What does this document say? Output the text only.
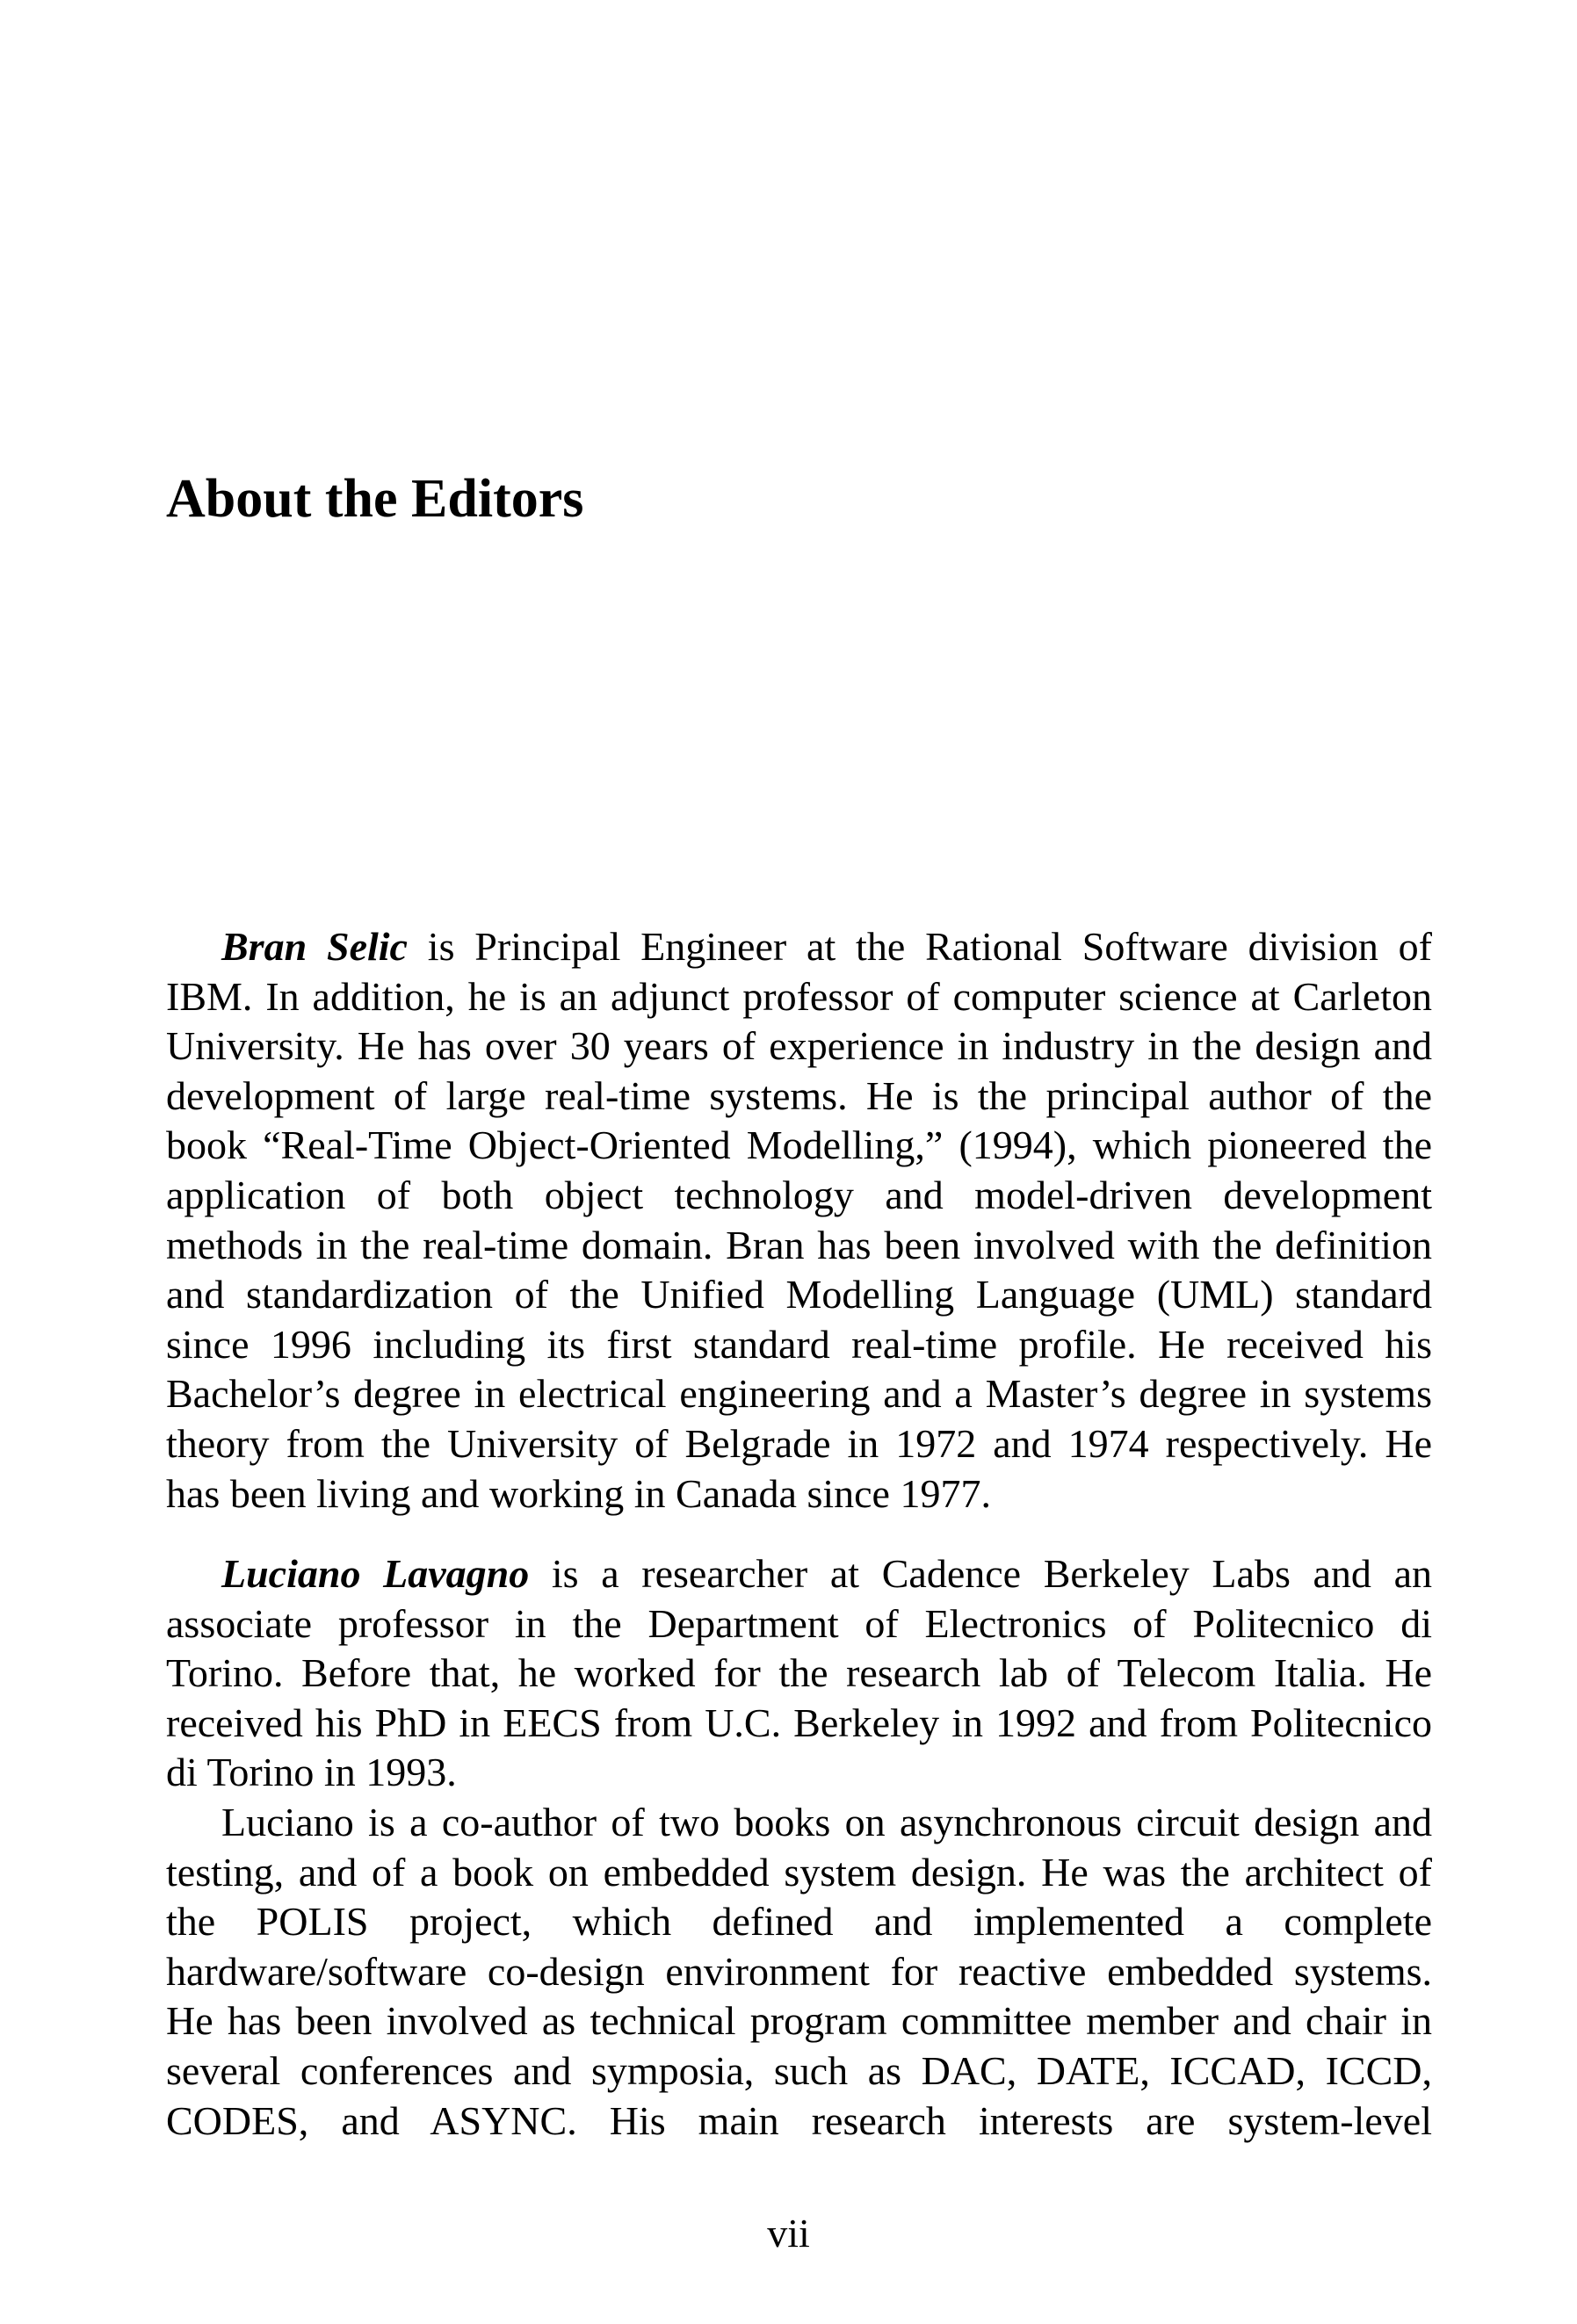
About the Editors
Bran Selic is Principal Engineer at the Rational Software division of
IBM. In addition, he is an adjunct professor of computer science at Carleton
University. He has over 30 years of experience in industry in the design and
development of large real-time systems. He is the principal author of the
book “Real-Time Object-Oriented Modelling,” (1994), which pioneered the
application of both object technology and model-driven development
methods in the real-time domain. Bran has been involved with the definition
and standardization of the Unified Modelling Language (UML) standard
since 1996 including its first standard real-time profile. He received his
Bachelor’s degree in electrical engineering and a Master’s degree in systems
theory from the University of Belgrade in 1972 and 1974 respectively. He
has been living and working in Canada since 1977.
Luciano Lavagno is a researcher at Cadence Berkeley Labs and an
associate professor in the Department of Electronics of Politecnico di
Torino. Before that, he worked for the research lab of Telecom Italia. He
received his PhD in EECS from U.C. Berkeley in 1992 and from Politecnico
di Torino in 1993.
Luciano is a co-author of two books on asynchronous circuit design and
testing, and of a book on embedded system design. He was the architect of
the POLIS project, which defined and implemented a complete
hardware/software co-design environment for reactive embedded systems.
He has been involved as technical program committee member and chair in
several conferences and symposia, such as DAC, DATE, ICCAD, ICCD,
CODES, and ASYNC. His main research interests are system-level
vii
